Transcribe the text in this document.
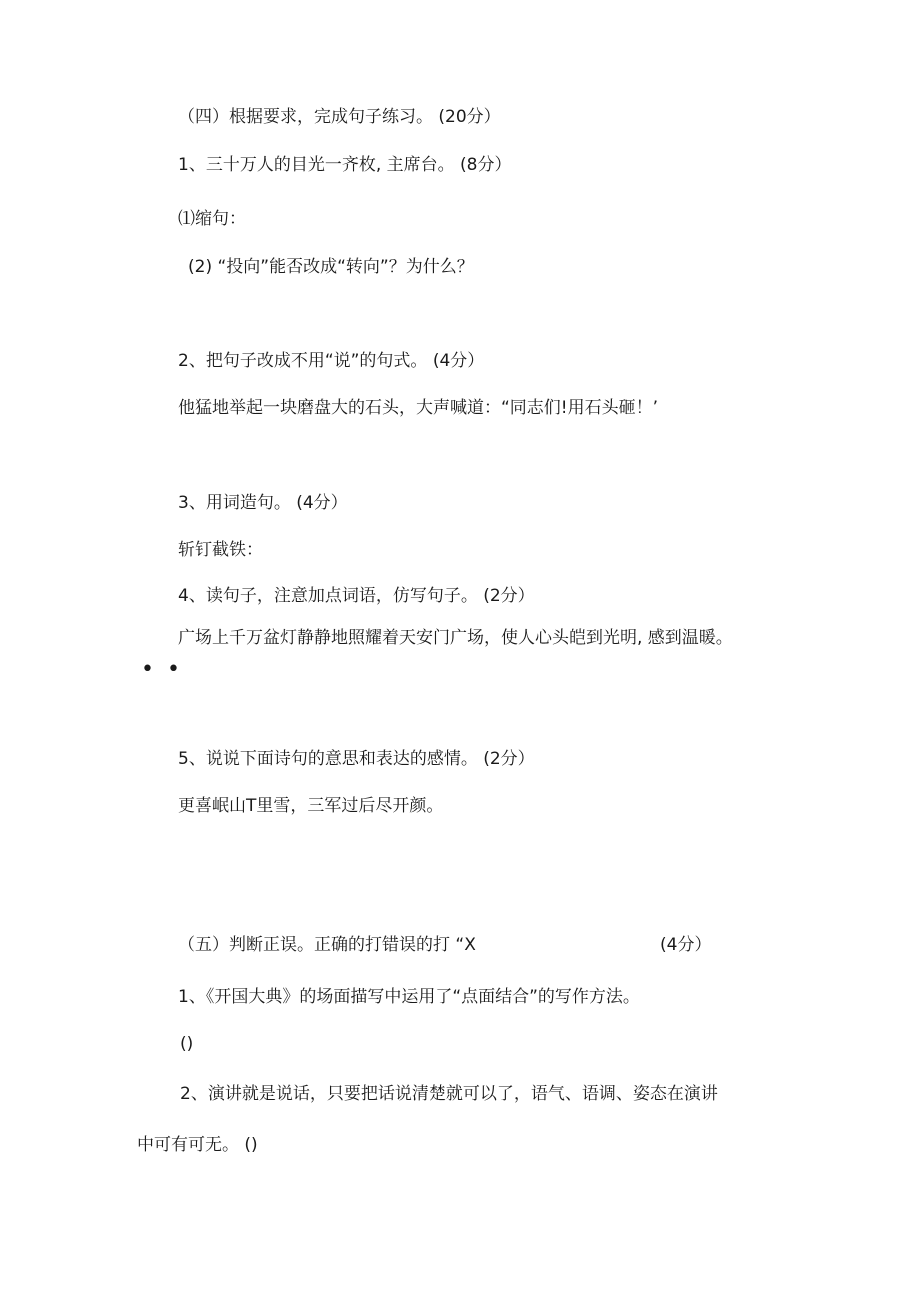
（四）根据要求，完成句子练习。 (20分）
1、三十万人的目光一齐枚, 主席台。 (8分）
⑴缩句：
(2) “投向”能否改成“转向”？为什么？
2、把句子改成不用“说”的句式。 (4分）
他猛地举起一块磨盘大的石头，大声喊道：“同志们!用石头砸！’
3、用词造句。 (4分）
斩钉截铁：
4、读句子，注意加点词语，仿写句子。 (2分）
广场上千万盆灯静静地照耀着天安门广场，使人心头皑到光明, 感到温暖。
• •
5、说说下面诗句的意思和表达的感情。 (2分）
更喜岷山T里雪，三军过后尽开颜。
（五）判断正误。正确的打错误的打 “X	(4分）
1、《开国大典》的场面描写中运用了“点面结合”的写作方法。
()
2、演讲就是说话，只要把话说清楚就可以了，语气、语调、姿态在演讲
中可有可无。 ()
